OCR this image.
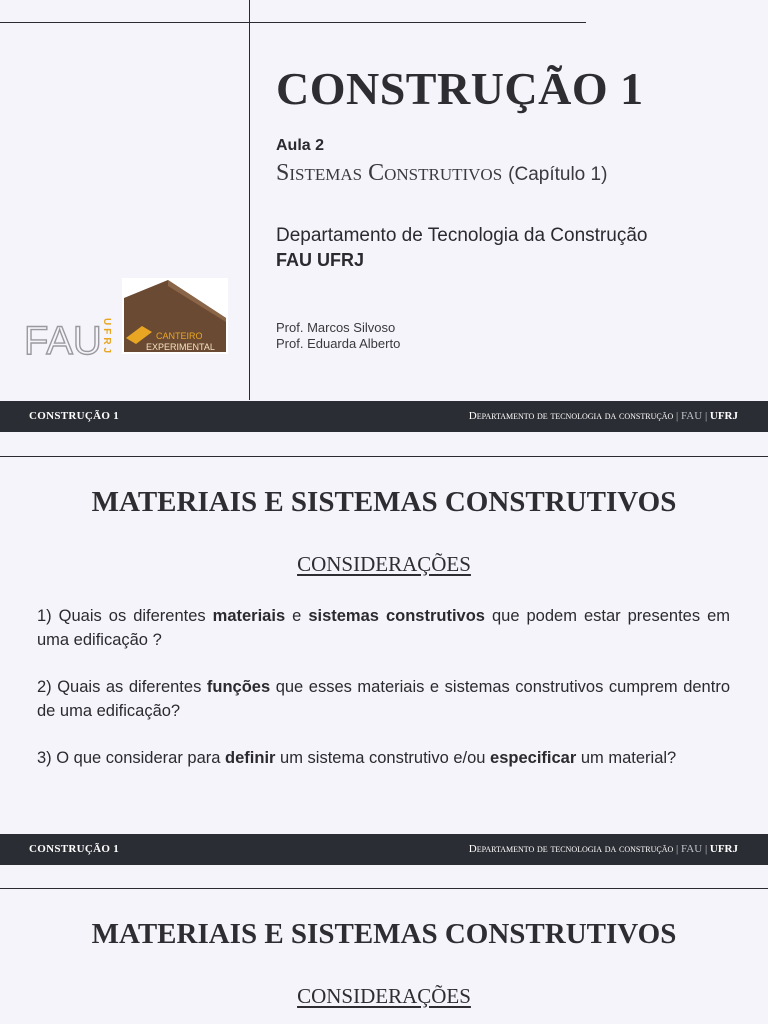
CONSTRUÇÃO 1
Aula 2
Sistemas Construtivos (Capítulo 1)
Departamento de Tecnologia da Construção
FAU UFRJ
Prof. Marcos Silvoso
Prof. Eduarda Alberto
FAU UFRJ	CANTEIRO
EXPERIMENTAL
CONSTRUÇÃO 1	Departamento de tecnologia da construção | FAU | UFRJ
MATERIAIS E SISTEMAS CONSTRUTIVOS
CONSIDERAÇÕES
1) Quais os diferentes materiais e sistemas construtivos que podem estar presentes em uma edificação ?
2) Quais as diferentes funções que esses materiais e sistemas construtivos cumprem dentro de uma edificação?
3) O que considerar para definir um sistema construtivo e/ou especificar um material?
CONSTRUÇÃO 1	Departamento de tecnologia da construção | FAU | UFRJ
MATERIAIS E SISTEMAS CONSTRUTIVOS
CONSIDERAÇÕES
